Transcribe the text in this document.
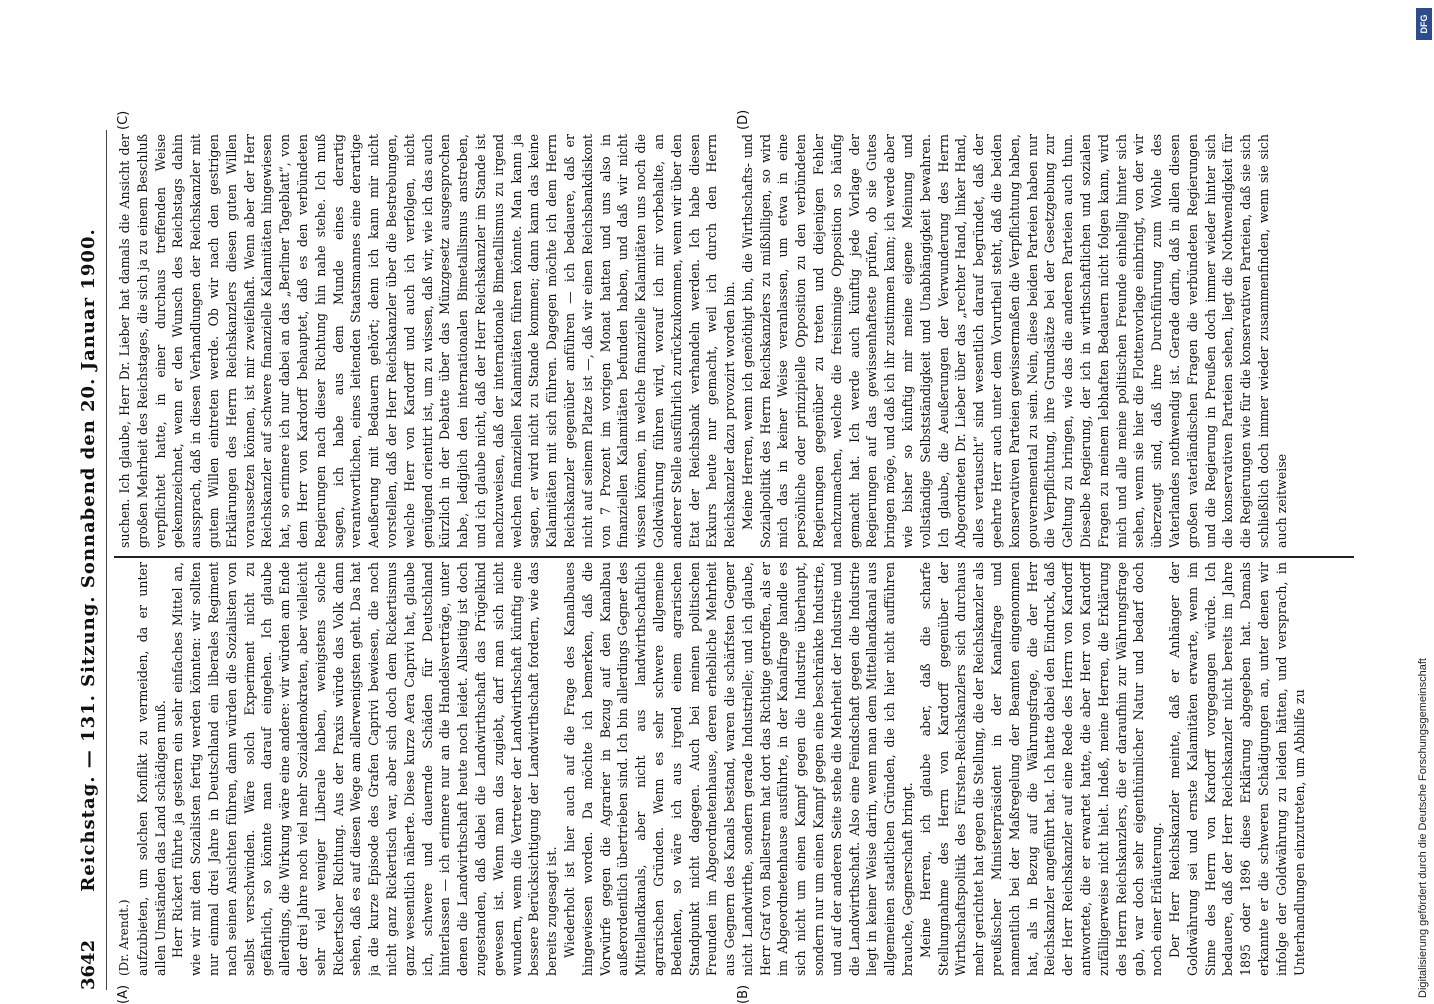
3642
Reichstag. — 131. Sitzung. Sonnabend den 20. Januar 1900.
(A)	(B)
(C)	(D)

(Dr. Arendt.) aufzubieten, um solchen Konflikt zu vermeiden, da er unter allen Umständen das Land schädigen muß. Herr Rickert führte ja gestern ein sehr einfaches Mittel an, wie wir mit den Sozialisten fertig werden könnten: wir sollten nur einmal drei Jahre in Deutschland ein liberales Regiment nach seinen Ansichten führen, dann würden die Sozialisten von selbst verschwinden. Wäre solch Experiment nicht zu gefährlich, so könnte man darauf eingehen. Ich glaube allerdings, die Wirkung wäre eine andere: wir würden am Ende der drei Jahre noch viel mehr Sozialdemokraten, aber vielleicht sehr viel weniger Liberale haben, wenigstens solche Rickertscher Richtung. Aus der Praxis würde das Volk dann sehen, daß es auf diesen Wege am allerwenigsten geht. Das hat ja die kurze Episode des Grafen Caprivi bewiesen, die noch nicht ganz Rickertisch war, aber sich doch dem Rickertismus ganz wesentlich näherte. Diese kurze Aera Caprivi hat, glaube ich, schwere und dauernde Schäden für Deutschland hinterlassen — ich erinnere nur an die Handelsverträge, unter denen die Landwirthschaft heute noch leidet. Allseitig ist doch zugestanden, daß dabei die Landwirthschaft das Prügelkind gewesen ist. Wenn man das zugiebt, darf man sich nicht wundern, wenn die Vertreter der Landwirthschaft künftig eine bessere Berücksichtigung der Landwirthschaft fordern, wie das bereits zugesagt ist. Wiederholt ist hier auch auf die Frage des Kanalbaues hingewiesen worden. Da möchte ich bemerken, daß die Vorwürfe gegen die Agrarier in Bezug auf den Kanalbau außerordentlich übertrieben sind. Ich bin allerdings Gegner des Mittellandkanals, aber nicht aus landwirthschaftlich agrarischen Gründen. Wenn es sehr schwere allgemeine Bedenken, so wäre ich aus irgend einem agrarischen Standpunkt nicht dagegen. Auch bei meinen politischen Freunden im Abgeordnetenhause, deren erhebliche Mehrheit aus Gegnern des Kanals bestand, waren die schärfsten Gegner nicht Landwirthe, sondern gerade Industrielle; und ich glaube, Herr Graf von Ballestrem hat dort das Richtige getroffen, als er im Abgeordnetenhause ausführte, in der Kanalfrage handle es sich nicht um einen Kampf gegen die Industrie überhaupt, sondern nur um einen Kampf gegen eine beschränkte Industrie, und auf der anderen Seite stehe die Mehrheit der Industrie und die Landwirthschaft. Also eine Feindschaft gegen die Industrie liegt in keiner Weise darin, wenn man dem Mittellandkanal aus allgemeinen staatlichen Gründen, die ich hier nicht aufführen brauche, Gegnerschaft bringt. Meine Herren, ich glaube aber, daß die scharfe Stellungnahme des Herrn von Kardorff gegenüber der Wirthschaftspolitik des Fürsten-Reichskanzlers sich durchaus mehr gerichtet hat gegen die Stellung, die der Reichskanzler als preußischer Ministerpräsident in der Kanalfrage und namentlich bei der Maßregelung der Beamten eingenommen hat, als in Bezug auf die Währungsfrage, die der Herr Reichskanzler angeführt hat. Ich hatte dabei den Eindruck, daß der Herr Reichskanzler auf eine Rede des Herrn von Kardorff antwortete, die er erwartet hatte, die aber Herr von Kardorff zufälligerweise nicht hielt. Indeß, meine Herren, die Erklärung des Herrn Reichskanzlers, die er daraufhin zur Währungsfrage gab, war doch sehr eigenthümlicher Natur und bedarf doch noch einer Erläuterung. Der Herr Reichskanzler meinte, daß er Anhänger der Goldwährung sei und ernste Kalamitäten erwarte, wenn im Sinne des Herrn von Kardorff vorgegangen würde. Ich bedauere, daß der Herr Reichskanzler nicht bereits im Jahre 1895 oder 1896 diese Erklärung abgegeben hat. Damals erkannte er die schweren Schädigungen an, unter denen wir infolge der Goldwährung zu leiden hätten, und versprach, in Unterhandlungen einzutreten, um Abhilfe zu

suchen. Ich glaube, Herr Dr. Lieber hat damals die Ansicht der großen Mehrheit des Reichstages, die sich ja zu einem Beschluß verpflichtet hatte, in einer durchaus treffenden Weise gekennzeichnet, wenn er den Wunsch des Reichstags dahin aussprach, daß in diesen Verhandlungen der Reichskanzler mit gutem Willen eintreten werde. Ob wir nach den gestrigen Erklärungen des Herrn Reichskanzlers diesen guten Willen voraussetzen können, ist mir zweifelhaft. Wenn aber der Herr Reichskanzler auf schwere finanzielle Kalamitäten hingewiesen hat, so erinnere ich nur dabei an das „Berliner Tageblatt“, von dem Herr von Kardorff behauptet, daß es den verbündeten Regierungen nach dieser Richtung hin nahe stehe. Ich muß sagen, ich habe aus dem Munde eines derartig verantwortlichen, eines leitenden Staatsmannes eine derartige Aeußerung mit Bedauern gehört; denn ich kann mir nicht vorstellen, daß der Herr Reichskanzler über die Bestrebungen, welche Herr von Kardorff und auch ich verfolgen, nicht genügend orientirt ist, um zu wissen, daß wir, wie ich das auch kürzlich in der Debatte über das Münzgesetz ausgesprochen habe, lediglich den internationalen Bimetallismus anstreben, und ich glaube nicht, daß der Herr Reichskanzler im Stande ist nachzuweisen, daß der internationale Bimetallismus zu irgend welchen finanziellen Kalamitäten führen könnte. Man kann ja sagen, er wird nicht zu Stande kommen; dann kann das keine Kalamitäten mit sich führen. Dagegen möchte ich dem Herrn Reichskanzler gegenüber anführen — ich bedauere, daß er nicht auf seinem Platze ist —, daß wir einen Reichsbankdiskont von 7 Prozent im vorigen Monat hatten und uns also in finanziellen Kalamitäten befunden haben, und daß wir nicht wissen können, in welche finanzielle Kalamitäten uns noch die Goldwährung führen wird, worauf ich mir vorbehalte, an anderer Stelle ausführlich zurückzukommen, wenn wir über den Etat der Reichsbank verhandeln werden. Ich habe diesen Exkurs heute nur gemacht, weil ich durch den Herrn Reichskanzler dazu provozirt worden bin. Meine Herren, wenn ich genöthigt bin, die Wirthschafts- und Sozialpolitik des Herrn Reichskanzlers zu mißbilligen, so wird mich das in keiner Weise veranlassen, um etwa in eine persönliche oder prinzipielle Opposition zu den verbündeten Regierungen gegenüber zu treten und diejenigen Fehler nachzumachen, welche die freisinnige Opposition so häufig gemacht hat. Ich werde auch künftig jede Vorlage der Regierungen auf das gewissenhafteste prüfen, ob sie Gutes bringen möge, und daß ich ihr zustimmen kann; ich werde aber wie bisher so künftig mir meine eigene Meinung und vollständige Selbstständigkeit und Unabhängigkeit bewahren. Ich glaube, die Aeußerungen der Verwunderung des Herrn Abgeordneten Dr. Lieber über das „rechter Hand, linker Hand, alles vertauscht“ sind wesentlich darauf begründet, daß der geehrte Herr auch unter dem Vorurtheil steht, daß die beiden konservativen Parteien gewissermaßen die Verpflichtung haben, gouvernemental zu sein. Nein, diese beiden Parteien haben nur die Verpflichtung, ihre Grundsätze bei der Gesetzgebung zur Geltung zu bringen, wie das die anderen Parteien auch thun. Dieselbe Regierung, der ich in wirthschaftlichen und sozialen Fragen zu meinem lebhaften Bedauern nicht folgen kann, wird mich und alle meine politischen Freunde einhellig hinter sich sehen, wenn sie hier die Flottenvorlage einbringt, von der wir überzeugt sind, daß ihre Durchführung zum Wohle des Vaterlandes nothwendig ist. Gerade darin, daß in allen diesen großen vaterländischen Fragen die verbündeten Regierungen und die Regierung in Preußen doch immer wieder hinter sich die konservativen Parteien sehen, liegt die Nothwendigkeit für die Regierungen wie für die konservativen Parteien, daß sie sich schließlich doch immer wieder zusammenfinden, wenn sie sich auch zeitweise

Digitalisierung gefördert durch die Deutsche Forschungsgemeinschaft
DFG
